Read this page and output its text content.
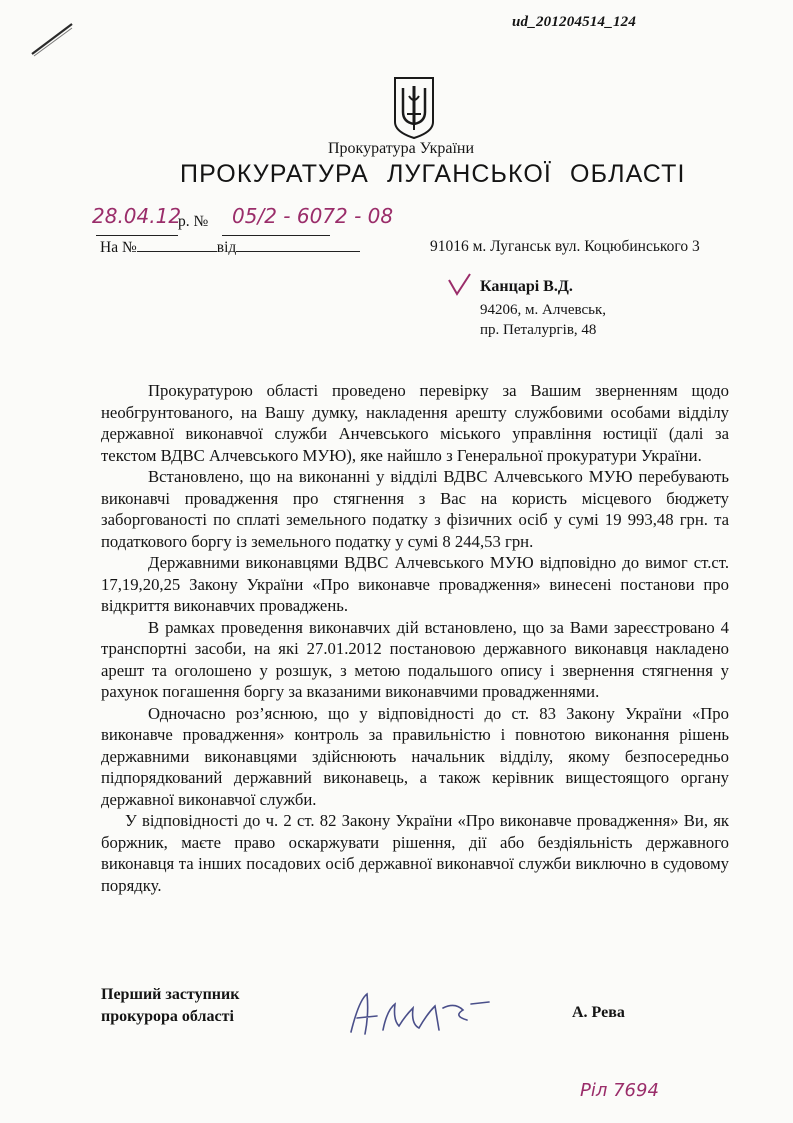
ud_201204514_124
Прокуратура України
ПРОКУРАТУРА ЛУГАНСЬКОЇ ОБЛАСТІ
28.04.12
р. №	05/2 - 6072 - 08
На №	від	91016 м. Луганськ вул. Коцюбинського 3
Канцарі В.Д.
94206, м. Алчевськ,
пр. Петалургів, 48

Прокуратурою області проведено перевірку за Вашим зверненням щодо необгрунтованого, на Вашу думку, накладення арешту службовими особами відділу державної виконавчої служби Анчевського міського управління юстиції (далі за текстом ВДВС Алчевського МУЮ), яке найшло з Генеральної прокуратури України.

Встановлено, що на виконанні у відділі ВДВС Алчевського МУЮ перебувають виконавчі провадження про стягнення з Вас на користь місцевого бюджету заборгованості по сплаті земельного податку з фізичних осіб у сумі 19 993,48 грн. та податкового боргу із земельного податку у сумі 8 244,53 грн.

Державними виконавцями ВДВС Алчевського МУЮ відповідно до вимог ст.ст. 17,19,20,25 Закону України «Про виконавче провадження» винесені постанови про відкриття виконавчих проваджень.

В рамках проведення виконавчих дій встановлено, що за Вами зареєстровано 4 транспортні засоби, на які 27.01.2012 постановою державного виконавця накладено арешт та оголошено у розшук, з метою подальшого опису і звернення стягнення у рахунок погашення боргу за вказаними виконавчими провадженнями.

Одночасно роз’яснюю, що у відповідності до ст. 83 Закону України «Про виконавче провадження» контроль за правильністю і повнотою виконання рішень державними виконавцями здійснюють начальник відділу, якому безпосередньо підпорядкований державний виконавець, а також керівник вищестоящого органу державної виконавчої служби.

У відповідності до ч. 2 ст. 82 Закону України «Про виконавче провадження» Ви, як боржник, маєте право оскаржувати рішення, дії або бездіяльність державного виконавця та інших посадових осіб державної виконавчої служби виключно в судовому порядку.

Перший заступник
прокурора області	А. Рева
Рiл 7694
